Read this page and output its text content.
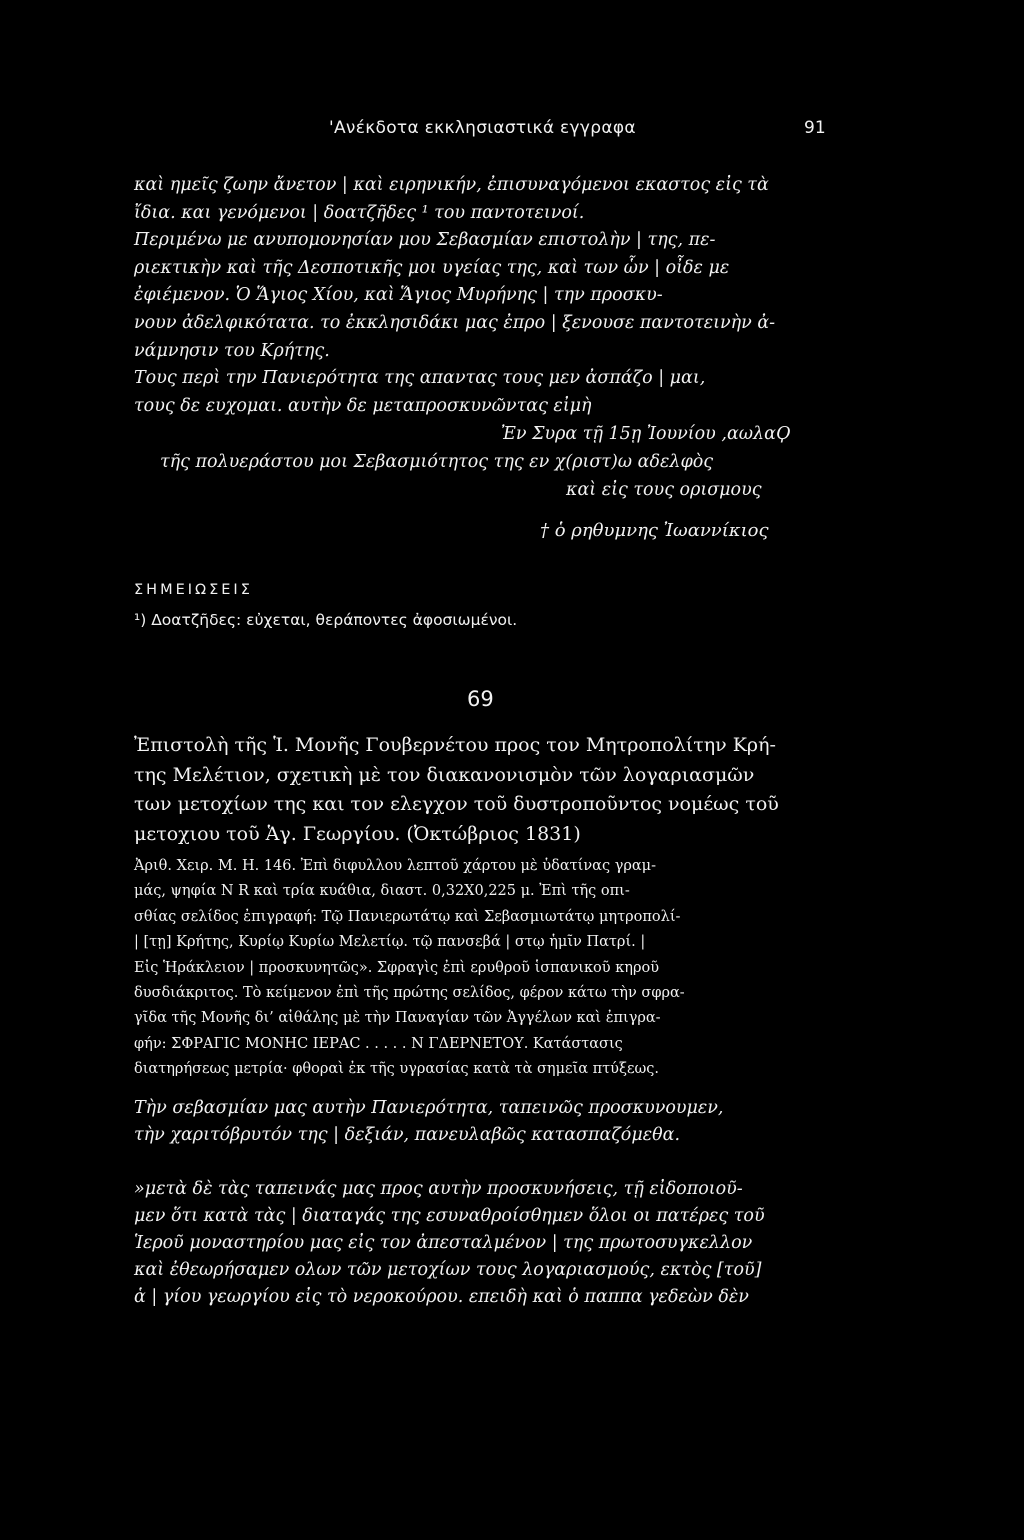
'Ανέκδοτα εκκλησιαστικά εγγραφα	91
καὶ ημεῖς ζωην ἄνετον | καὶ ειρηνικήν, ἐπισυναγόμενοι εκαστος εἰς τὰ
ἴδια. και γενόμενοι | δοατζῆδες ¹ του παντοτεινοί.
Περιμένω με ανυπομονησίαν μου Σεβασμίαν επιστολὴν | της, πε-
ριεκτικὴν καὶ τῆς Δεσποτικῆς μοι υγείας της, καὶ των ὧν | οἶδε με
ἐφιέμενον. Ὁ Ἅγιος Χίου, καὶ Ἅγιος Μυρήνης | την προσκυ-
νουν ἀδελφικότατα. το ἐκκλησιδάκι μας ἐπρο | ξενουσε παντοτεινὴν ἀ-
νάμνησιν του Κρήτης.
Τους περὶ την Πανιερότητα της απαντας τους μεν ἀσπάζο | μαι,
τους δε ευχομαι. αυτὴν δε μεταπροσκυνῶντας εἰμὴ
Ἐν Συρα τῇ 15ῃ Ἰουνίου ,αωλαϘ
τῆς πολυεράστου μοι Σεβασμιότητος της εν χ(ριστ)ω αδελφὸς
καὶ εἰς τους ορισμους
† ὁ ρηθυμνης Ἰωαννίκιος
ΣΗΜΕΙΩΣΕΙΣ
¹) Δοατζῆδες: εὐχεται, θεράποντες ἀφοσιωμένοι.
69
Ἐπιστολὴ τῆς Ἱ. Μονῆς Γουβερνέτου προς τον Μητροπολίτην Κρή-
της Μελέτιον, σχετικὴ μὲ τον διακανονισμὸν τῶν λογαριασμῶν
των μετοχίων της και τον ελεγχον τοῦ δυστροποῦντος νομέως τοῦ
μετοχιου τοῦ Ἁγ. Γεωργίου. (Ὀκτώβριος 1831)
Ἀριθ. Χειρ. Μ. Η. 146. Ἐπὶ διφυλλου λεπτοῦ χάρτου μὲ ὑδατίνας γραμ-
μάς, ψηφία N R καὶ τρία κυάθια, διαστ. 0,32X0,225 μ. Ἐπὶ τῆς οπι-
σθίας σελίδος ἐπιγραφή: Τῷ Πανιερωτάτῳ καὶ Σεβασμιωτάτῳ μητροπολί-
| [τῃ] Κρήτης, Κυρίῳ Κυρίω Μελετίῳ. τῷ πανσεβά | στῳ ἡμῖν Πατρί. |
Εἰς Ἡράκλειον | προσκυνητῶς». Σφραγὶς ἐπὶ ερυθροῦ ἱσπανικοῦ κηροῦ
δυσδιάκριτος. Τὸ κείμενον ἐπὶ τῆς πρώτης σελίδος, φέρον κάτω τὴν σφρα-
γῖδα τῆς Μονῆς δι’ αἰθάλης μὲ τὴν Παναγίαν τῶν Ἀγγέλων καὶ ἐπιγρα-
φήν: ΣΦΡΑΓΙC ΜΟΝΗC ΙΕΡΑC . . . . . Ν ΓΔΕΡΝΕΤΟΥ. Κατάστασις
διατηρήσεως μετρία· φθοραὶ ἐκ τῆς υγρασίας κατὰ τὰ σημεῖα πτύξεως.
Τὴν σεβασμίαν μας αυτὴν Πανιερότητα, ταπεινῶς προσκυνουμεν,
τὴν χαριτόβρυτόν της | δεξιάν, πανευλαβῶς κατασπαζόμεθα.
»μετὰ δὲ τὰς ταπεινάς μας προς αυτὴν προσκυνήσεις, τῇ εἰδοποιοῦ-
μεν ὅτι κατὰ τὰς | διαταγάς της εσυναθροίσθημεν ὅλοι οι πατέρες τοῦ
Ἱεροῦ μοναστηρίου μας εἰς τον ἀπεσταλμένον | της πρωτοσυγκελλον
καὶ ἐθεωρήσαμεν ολων τῶν μετοχίων τους λογαριασμούς, εκτὸς [τοῦ]
ἁ | γίου γεωργίου εἰς τὸ νεροκούρου. επειδὴ καὶ ὁ παππα γεδεὼν δὲν
